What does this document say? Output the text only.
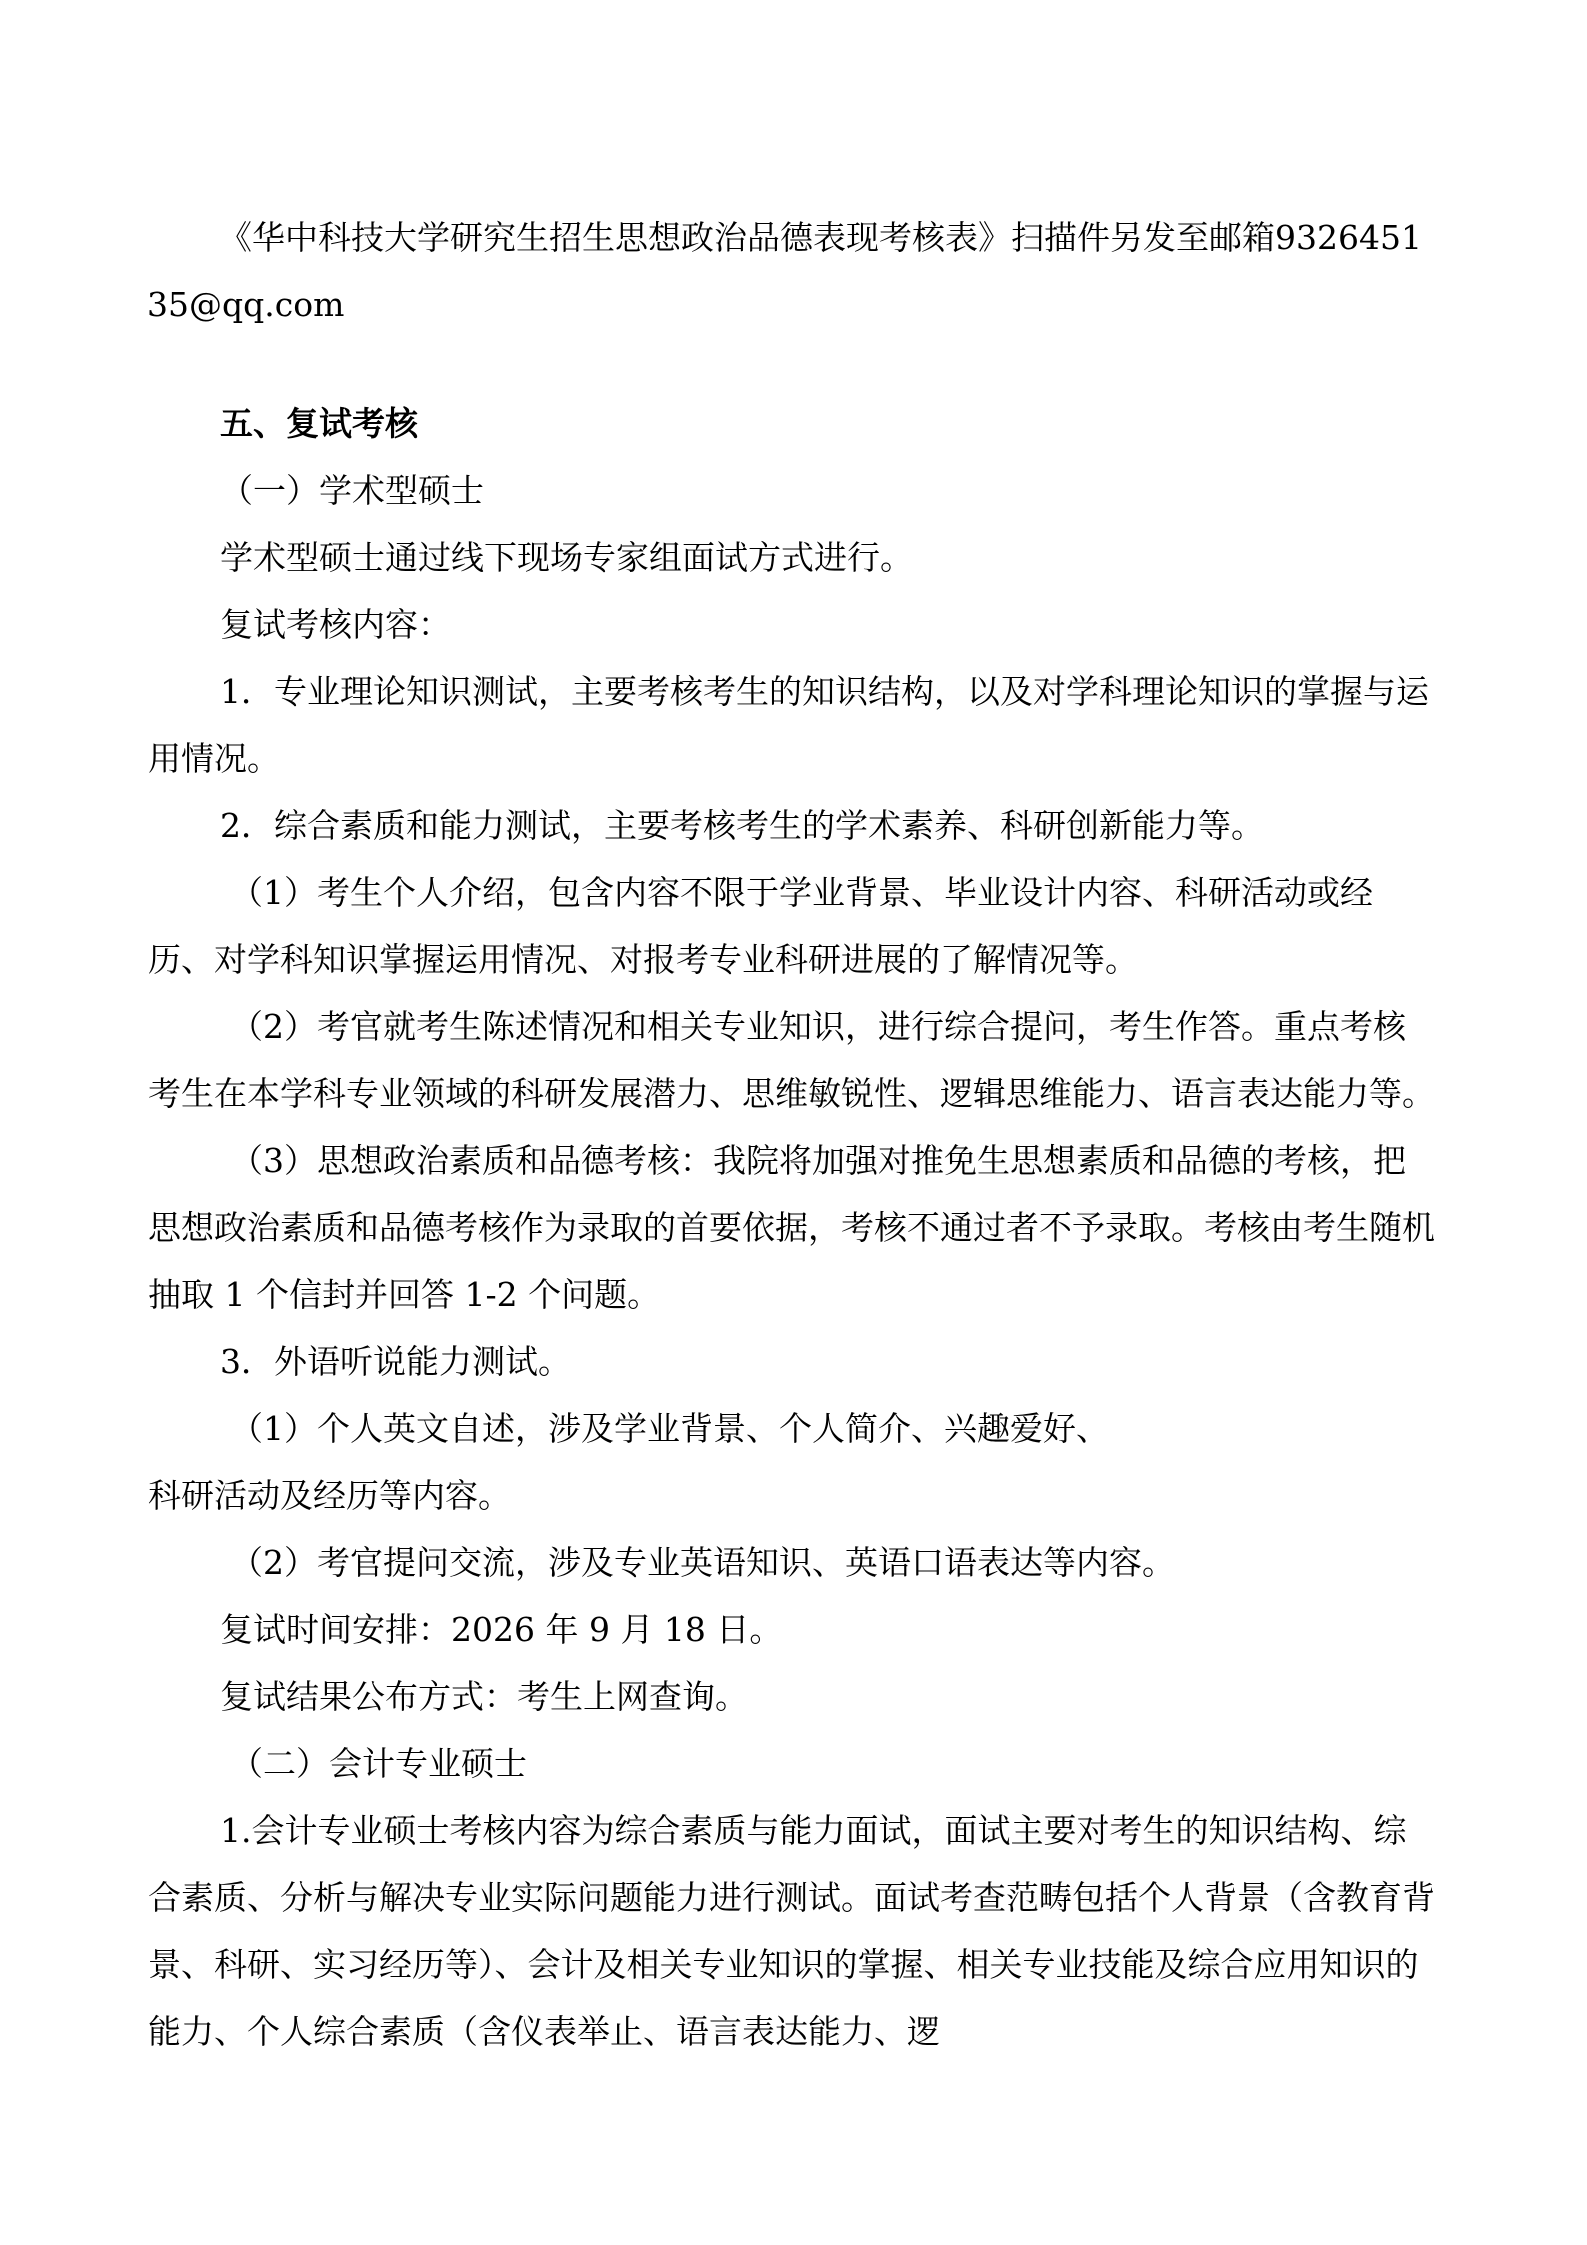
《华中科技大学研究生招生思想政治品德表现考核表》扫描件另发至邮箱932645135@qq.com

五、复试考核

（一）学术型硕士

学术型硕士通过线下现场专家组面试方式进行。

复试考核内容：

1．专业理论知识测试，主要考核考生的知识结构，以及对学科理论知识的掌握与运用情况。

2．综合素质和能力测试，主要考核考生的学术素养、科研创新能力等。

（1）考生个人介绍，包含内容不限于学业背景、毕业设计内容、科研活动或经历、对学科知识掌握运用情况、对报考专业科研进展的了解情况等。

（2）考官就考生陈述情况和相关专业知识，进行综合提问，考生作答。重点考核考生在本学科专业领域的科研发展潜力、思维敏锐性、逻辑思维能力、语言表达能力等。

（3）思想政治素质和品德考核：我院将加强对推免生思想素质和品德的考核，把思想政治素质和品德考核作为录取的首要依据，考核不通过者不予录取。考核由考生随机抽取 1 个信封并回答 1-2 个问题。

3．外语听说能力测试。

（1）个人英文自述，涉及学业背景、个人简介、兴趣爱好、

科研活动及经历等内容。

（2）考官提问交流，涉及专业英语知识、英语口语表达等内容。

复试时间安排：2026 年 9 月 18 日。

复试结果公布方式：考生上网查询。

（二）会计专业硕士

1.会计专业硕士考核内容为综合素质与能力面试，面试主要对考生的知识结构、综合素质、分析与解决专业实际问题能力进行测试。面试考查范畴包括个人背景（含教育背景、科研、实习经历等）、会计及相关专业知识的掌握、相关专业技能及综合应用知识的能力、个人综合素质（含仪表举止、语言表达能力、逻
